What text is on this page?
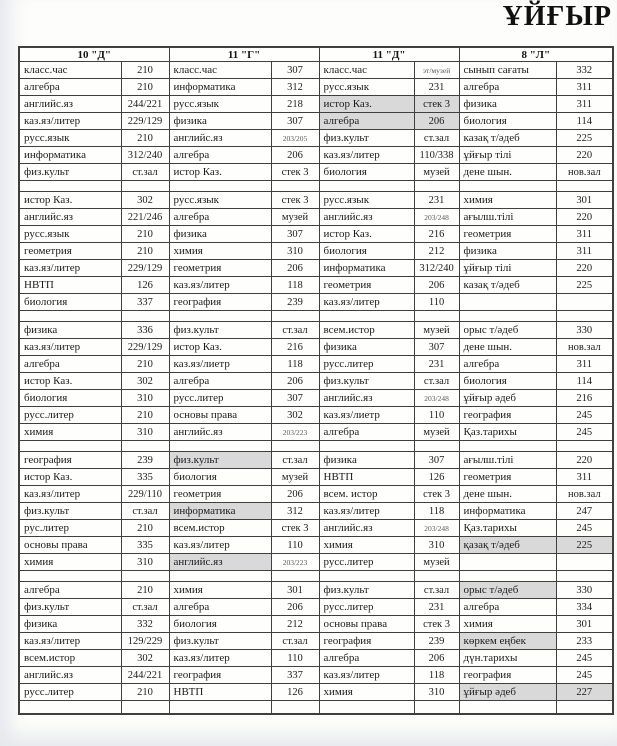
ҰЙҒЫР
10 "Д"		11 "Г"		11 "Д"		8 "Л"	
класс.час	210	класс.час	307	класс.час	эт/музей	сынып сағаты	332
алгебра	210	информатика	312	русс.язык	231	алгебра	311
английс.яз	244/221	русс.язык	218	истор Каз.	стек 3	физика	311
каз.яз/литер	229/129	физика	307	алгебра	206	биология	114
русс.язык	210	английс.яз	203/205	физ.культ	ст.зал	казақ т/әдеб	225
информатика	312/240	алгебра	206	каз.яз/литер	110/338	ұйғыр тілі	220
физ.культ	ст.зал	истор Каз.	стек 3	биология	музей	дене шын.	нов.зал

истор Каз.	302	русс.язык	стек 3	русс.язык	231	химия	301
английс.яз	221/246	алгебра	музей	английс.яз	203/248	ағылш.тілі	220
русс.язык	210	физика	307	истор Каз.	216	геометрия	311
геометрия	210	химия	310	биология	212	физика	311
каз.яз/литер	229/129	геометрия	206	информатика	312/240	ұйғыр тілі	220
НВТП	126	каз.яз/литер	118	геометрия	206	казақ т/әдеб	225
биология	337	география	239	каз.яз/литер	110		

физика	336	физ.культ	ст.зал	всем.истор	музей	орыс т/әдеб	330
каз.яз/литер	229/129	истор Каз.	216	физика	307	дене шын.	нов.зал
алгебра	210	каз.яз/лиетр	118	русс.литер	231	алгебра	311
истор Каз.	302	алгебра	206	физ.культ	ст.зал	биология	114
биология	310	русс.литер	307	английс.яз	203/248	ұйғыр әдеб	216
русс.литер	210	основы права	302	каз.яз/лиетр	110	география	245
химия	310	английс.яз	203/223	алгебра	музей	Қаз.тарихы	245

география	239	физ.культ	ст.зал	физика	307	ағылш.тілі	220
истор Каз.	335	биология	музей	НВТП	126	геометрия	311
каз.яз/литер	229/110	геометрия	206	всем. истор	стек 3	дене шын.	нов.зал
физ.культ	ст.зал	информатика	312	каз.яз/литер	118	информатика	247
рус.литер	210	всем.истор	стек 3	английс.яз	203/248	Қаз.тарихы	245
основы права	335	каз.яз/литер	110	химия	310	қазақ т/әдеб	225
химия	310	английс.яз	203/223	русс.литер	музей		

алгебра	210	химия	301	физ.культ	ст.зал	орыс т/әдеб	330
физ.культ	ст.зал	алгебра	206	русс.литер	231	алгебра	334
физика	332	биология	212	основы права	стек 3	химия	301
каз.яз/литер	129/229	физ.культ	ст.зал	география	239	көркем еңбек	233
всем.истор	302	каз.яз/литер	110	алгебра	206	дүн.тарихы	245
английс.яз	244/221	география	337	каз.яз/литер	118	география	245
русс.литер	210	НВТП	126	химия	310	ұйғыр әдеб	227
